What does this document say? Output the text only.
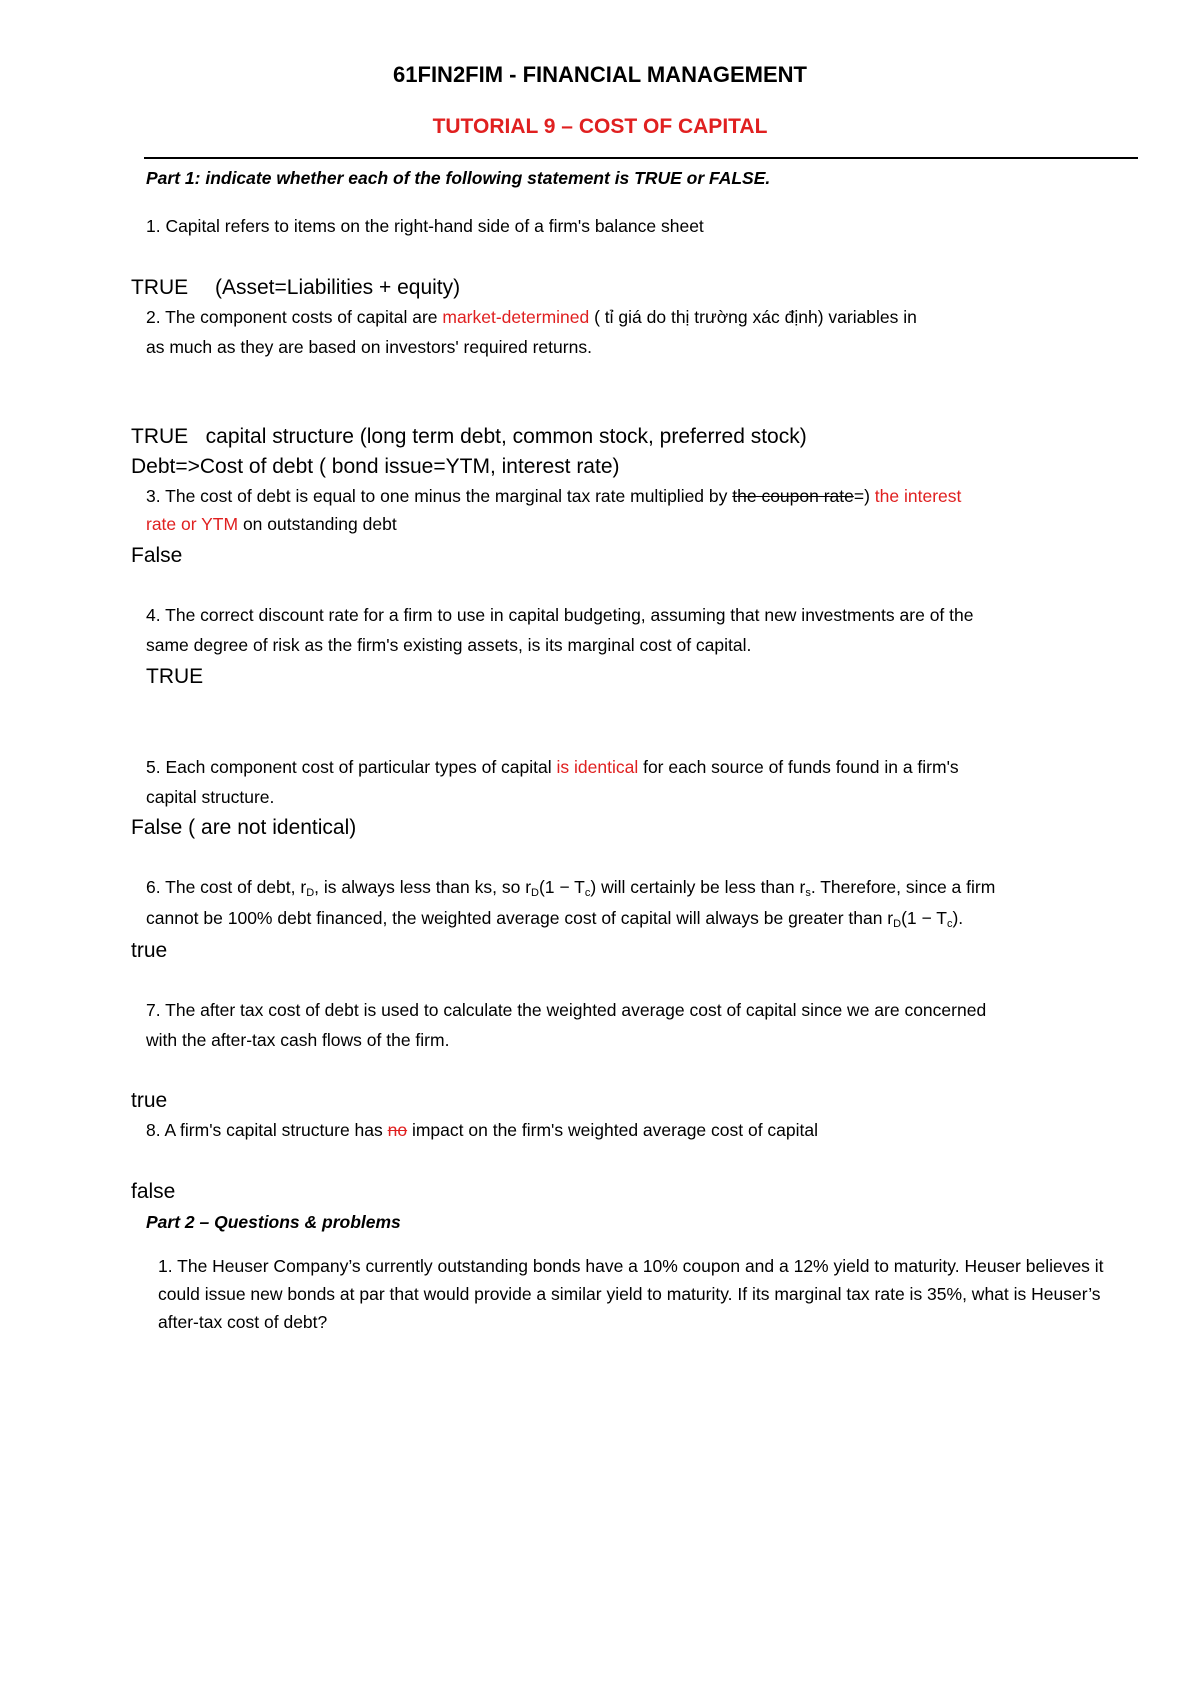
61FIN2FIM - FINANCIAL MANAGEMENT
TUTORIAL 9 – COST OF CAPITAL
Part 1: indicate whether each of the following statement is TRUE or FALSE.
1. Capital refers to items on the right-hand side of a firm's balance sheet
TRUE (Asset=Liabilities + equity)
2. The component costs of capital are market-determined ( tỉ giá do thị trường xác định) variables in
as much as they are based on investors' required returns.
TRUE   capital structure (long term debt, common stock, preferred stock)
Debt=>Cost of debt ( bond issue=YTM, interest rate)
3. The cost of debt is equal to one minus the marginal tax rate multiplied by the coupon rate=) the interest
rate or YTM on outstanding debt
False
4. The correct discount rate for a firm to use in capital budgeting, assuming that new investments are of the
same degree of risk as the firm's existing assets, is its marginal cost of capital.
TRUE
5. Each component cost of particular types of capital is identical for each source of funds found in a firm's
capital structure.
False ( are not identical)
6. The cost of debt, $r_D$, is always less than ks, so $r_D(1 - T_c)$ will certainly be less than $r_s$. Therefore, since a firm
cannot be 100% debt financed, the weighted average cost of capital will always be greater than $r_D(1 - T_c)$.
true
7. The after tax cost of debt is used to calculate the weighted average cost of capital since we are concerned
with the after-tax cash flows of the firm.
true
8. A firm's capital structure has no impact on the firm's weighted average cost of capital
false
Part 2 – Questions & problems
1. The Heuser Company’s currently outstanding bonds have a 10% coupon and a 12% yield to maturity. Heuser believes it could issue new bonds at par that would provide a similar yield to maturity. If its marginal tax rate is 35%, what is Heuser’s after-tax cost of debt?
